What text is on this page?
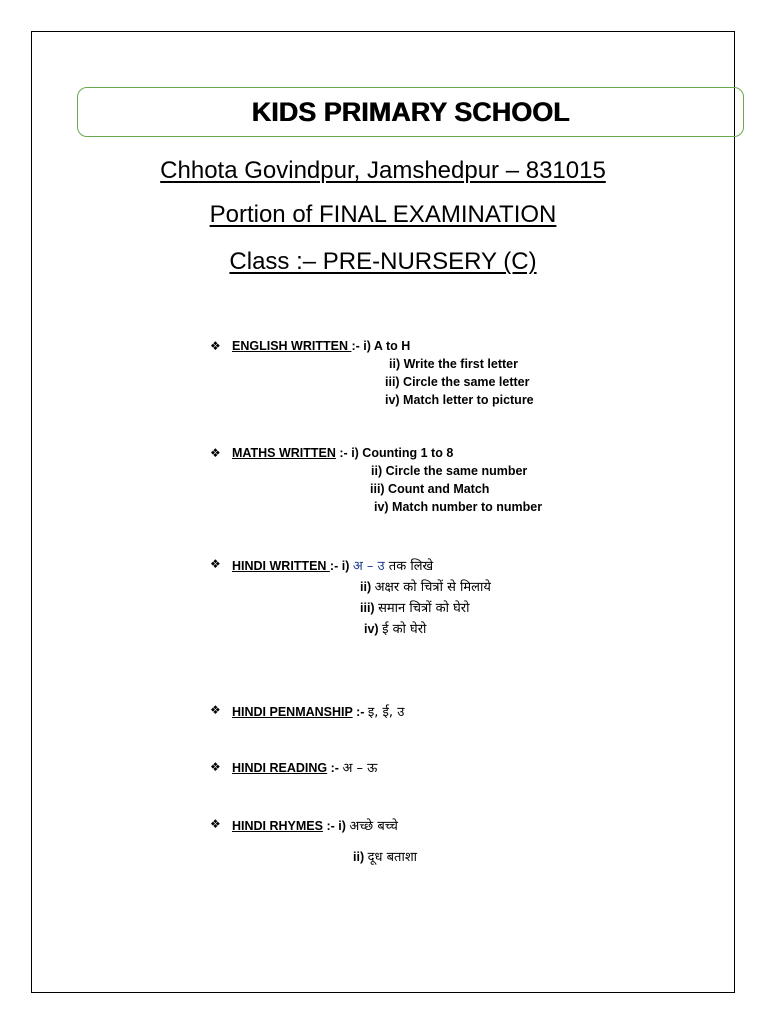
KIDS PRIMARY SCHOOL
Chhota Govindpur, Jamshedpur – 831015
Portion of FINAL EXAMINATION
Class :– PRE-NURSERY (C)
❖ ENGLISH WRITTEN :- i) A to H
ii) Write the first letter
iii) Circle the same letter
iv) Match letter to picture
❖ MATHS WRITTEN :- i) Counting 1 to 8
ii) Circle the same number
iii) Count and Match
iv) Match number to number
❖ HINDI WRITTEN :- i) अ – उ तक लिखे
ii) अक्षर को चित्रों से मिलाये
iii) समान चित्रों को घेरो
iv) ई को घेरो
❖ HINDI PENMANSHIP :- इ, ई, उ
❖ HINDI READING :- अ – ऊ
❖ HINDI RHYMES :- i) अच्छे बच्चे
ii) दूध बताशा
